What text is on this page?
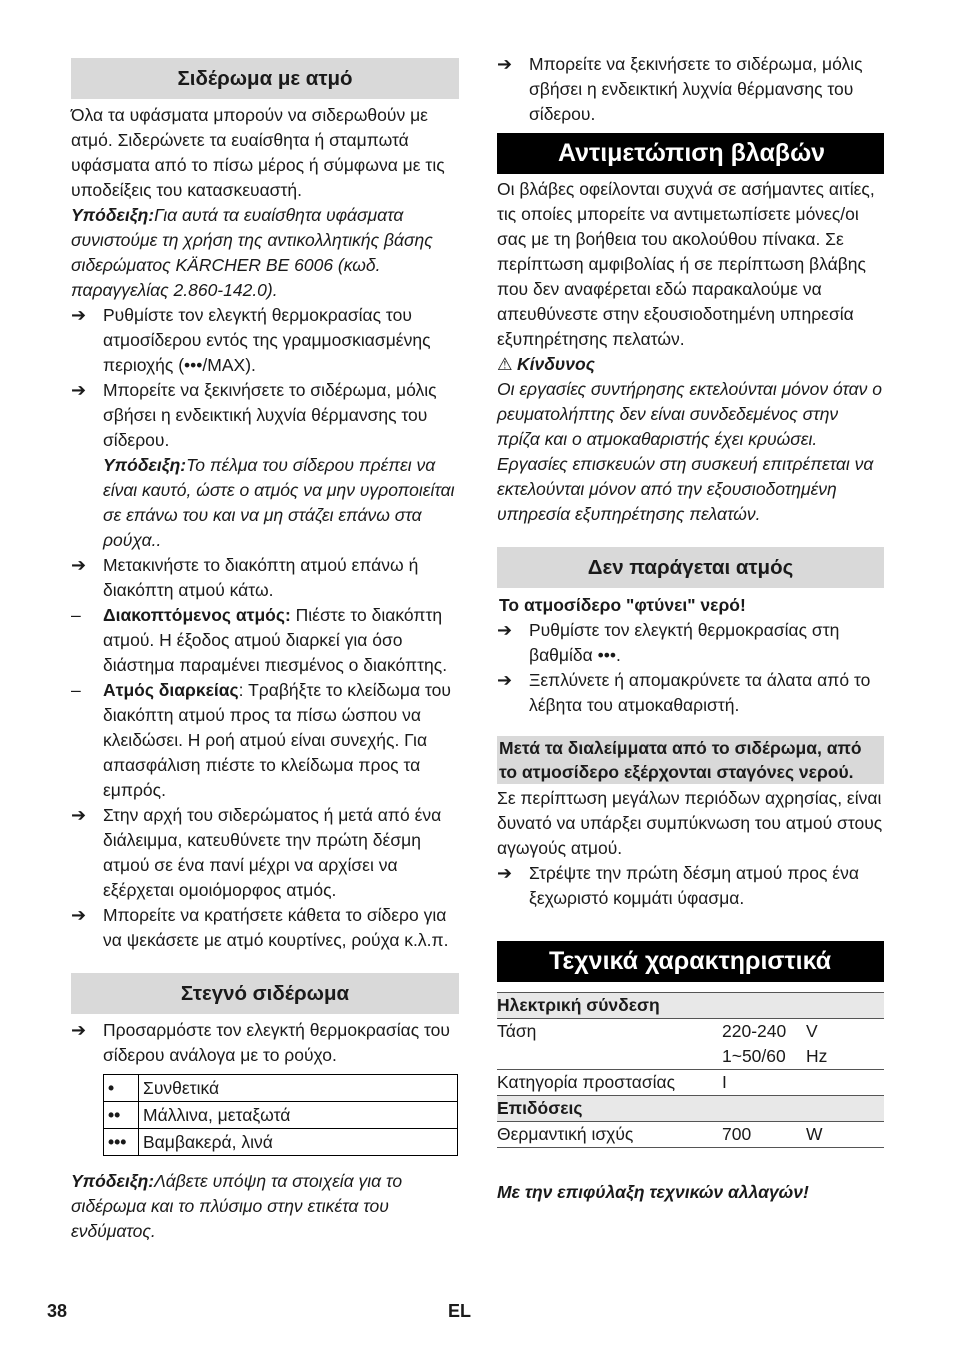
Σιδέρωμα με ατμό

Όλα τα υφάσματα μπορούν να σιδερωθούν με ατμό. Σιδερώνετε τα ευαίσθητα ή σταμπωτά υφάσματα από το πίσω μέρος ή σύμφωνα με τις υποδείξεις του κατασκευαστή.

Υπόδειξη:Για αυτά τα ευαίσθητα υφάσματα συνιστούμε τη χρήση της αντικολλητικής βάσης σιδερώματος KÄRCHER BE 6006 (κωδ. παραγγελίας 2.860-142.0).

➔ Ρυθμίστε τον ελεγκτή θερμοκρασίας του ατμοσίδερου εντός της γραμμοσκιασμένης περιοχής (•••/MAX).
➔ Μπορείτε να ξεκινήσετε το σιδέρωμα, μόλις σβήσει η ενδεικτική λυχνία θέρμανσης του σίδερου.

Υπόδειξη:Το πέλμα του σίδερου πρέπει να είναι καυτό, ώστε ο ατμός να μην υγροποιείται σε επάνω του και να μη στάζει επάνω στα ρούχα..

➔ Μετακινήστε το διακόπτη ατμού επάνω ή διακόπτη ατμού κάτω.
–	Διακοπτόμενος ατμός: Πιέστε το διακόπτη ατμού. Η έξοδος ατμού διαρκεί για όσο διάστημα παραμένει πιεσμένος ο διακόπτης.
–	Ατμός διαρκείας: Τραβήξτε το κλείδωμα του διακόπτη ατμού προς τα πίσω ώσπου να κλειδώσει. Η ροή ατμού είναι συνεχής. Για απασφάλιση πιέστε το κλείδωμα προς τα εμπρός.
➔ Στην αρχή του σιδερώματος ή μετά από ένα διάλειμμα, κατευθύνετε την πρώτη δέσμη ατμού σε ένα πανί μέχρι να αρχίσει να εξέρχεται ομοιόμορφος ατμός.
➔ Μπορείτε να κρατήσετε κάθετα το σίδερο για να ψεκάσετε με ατμό κουρτίνες, ρούχα κ.λ.π.
Στεγνό σιδέρωμα
➔ Προσαρμόστε τον ελεγκτή θερμοκρασίας του σίδερου ανάλογα με το ρούχο.
•	Συνθετικά
••	Μάλλινα, μεταξωτά
•••	Βαμβακερά, λινά

Υπόδειξη:Λάβετε υπόψη τα στοιχεία για το σιδέρωμα και το πλύσιμο στην ετικέτα του ενδύματος.

➔ Μπορείτε να ξεκινήσετε το σιδέρωμα, μόλις σβήσει η ενδεικτική λυχνία θέρμανσης του σίδερου.
Αντιμετώπιση βλαβών

Οι βλάβες οφείλονται συχνά σε ασήμαντες αιτίες, τις οποίες μπορείτε να αντιμετωπίσετε μόνες/οι σας με τη βοήθεια του ακολούθου πίνακα. Σε περίπτωση αμφιβολίας ή σε περίπτωση βλάβης που δεν αναφέρεται εδώ παρακαλούμε να απευθύνεστε στην εξουσιοδοτημένη υπηρεσία εξυπηρέτησης πελατών.

⚠ Κίνδυνος

Οι εργασίες συντήρησης εκτελούνται μόνον όταν ο ρευματολήπτης δεν είναι συνδεδεμένος στην πρίζα και ο ατμοκαθαριστής έχει κρυώσει. Εργασίες επισκευών στη συσκευή επιτρέπεται να εκτελούνται μόνον από την εξουσιοδοτημένη υπηρεσία εξυπηρέτησης πελατών.

Δεν παράγεται ατμός

Το ατμοσίδερο "φτύνει" νερό!

➔ Ρυθμίστε τον ελεγκτή θερμοκρασίας στη βαθμίδα •••.
➔ Ξεπλύνετε ή απομακρύνετε τα άλατα από το λέβητα του ατμοκαθαριστή.

Μετά τα διαλείμματα από το σιδέρωμα, από το ατμοσίδερο εξέρχονται σταγόνες νερού.

Σε περίπτωση μεγάλων περιόδων αχρησίας, είναι δυνατό να υπάρξει συμπύκνωση του ατμού στους αγωγούς ατμού.

➔ Στρέψτε την πρώτη δέσμη ατμού προς ένα ξεχωριστό κομμάτι ύφασμα.
Τεχνικά χαρακτηριστικά
Ηλεκτρική σύνδεση		
Τάση	220-240	V
	1~50/60	Hz
Κατηγορία προστασίας	I	
Επιδόσεις		
Θερμαντική ισχύς	700	W

Με την επιφύλαξη τεχνικών αλλαγών!

38	EL
